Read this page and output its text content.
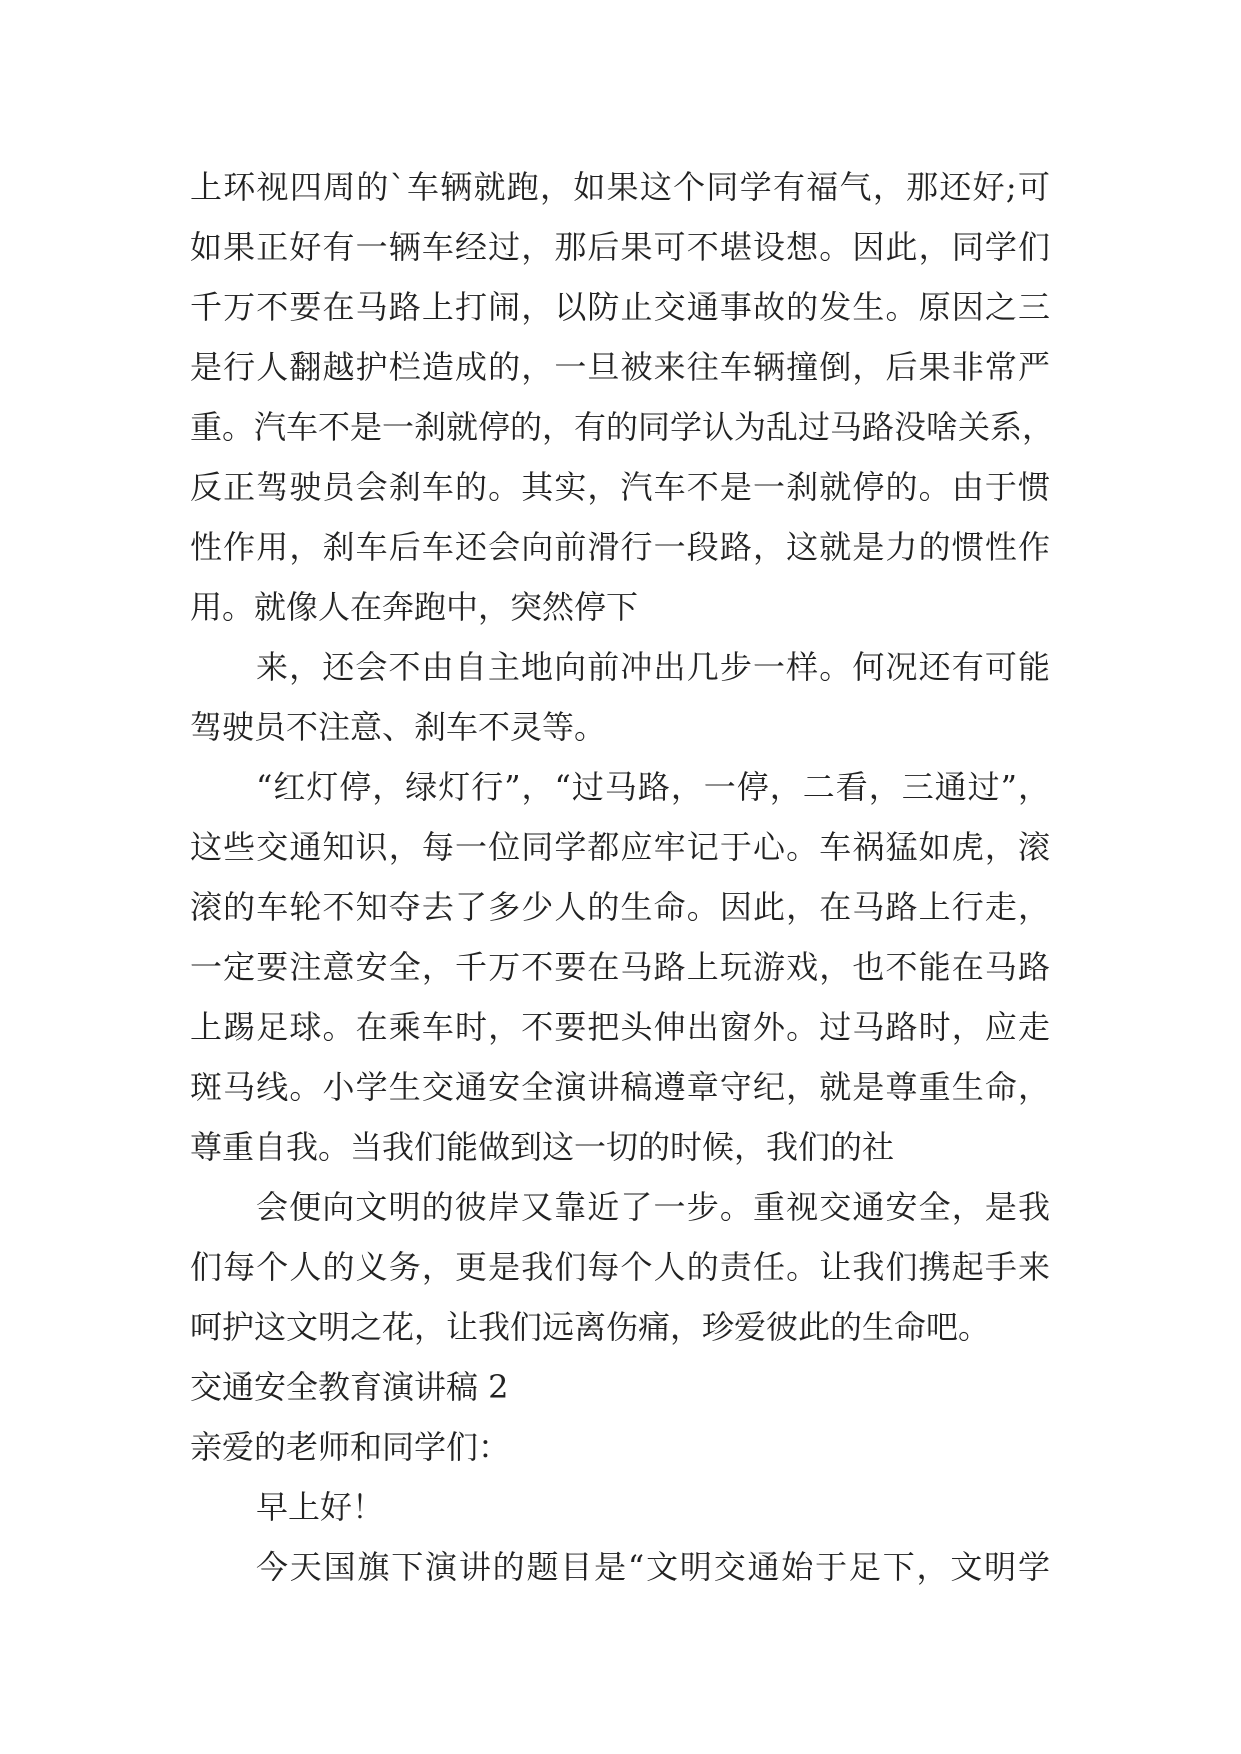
上环视四周的`车辆就跑，如果这个同学有福气，那还好;可
如果正好有一辆车经过，那后果可不堪设想。因此，同学们
千万不要在马路上打闹，以防止交通事故的发生。原因之三
是行人翻越护栏造成的，一旦被来往车辆撞倒，后果非常严
重。汽车不是一刹就停的，有的同学认为乱过马路没啥关系，
反正驾驶员会刹车的。其实，汽车不是一刹就停的。由于惯
性作用，刹车后车还会向前滑行一段路，这就是力的惯性作
用。就像人在奔跑中，突然停下
来，还会不由自主地向前冲出几步一样。何况还有可能
驾驶员不注意、刹车不灵等。
“红灯停，绿灯行”，“过马路，一停，二看，三通过”，
这些交通知识，每一位同学都应牢记于心。车祸猛如虎，滚
滚的车轮不知夺去了多少人的生命。因此，在马路上行走，
一定要注意安全，千万不要在马路上玩游戏，也不能在马路
上踢足球。在乘车时，不要把头伸出窗外。过马路时，应走
斑马线。小学生交通安全演讲稿遵章守纪，就是尊重生命，
尊重自我。当我们能做到这一切的时候，我们的社
会便向文明的彼岸又靠近了一步。重视交通安全，是我
们每个人的义务，更是我们每个人的责任。让我们携起手来
呵护这文明之花，让我们远离伤痛，珍爱彼此的生命吧。
交通安全教育演讲稿 2
亲爱的老师和同学们：
早上好！
今天国旗下演讲的题目是“文明交通始于足下，文明学
